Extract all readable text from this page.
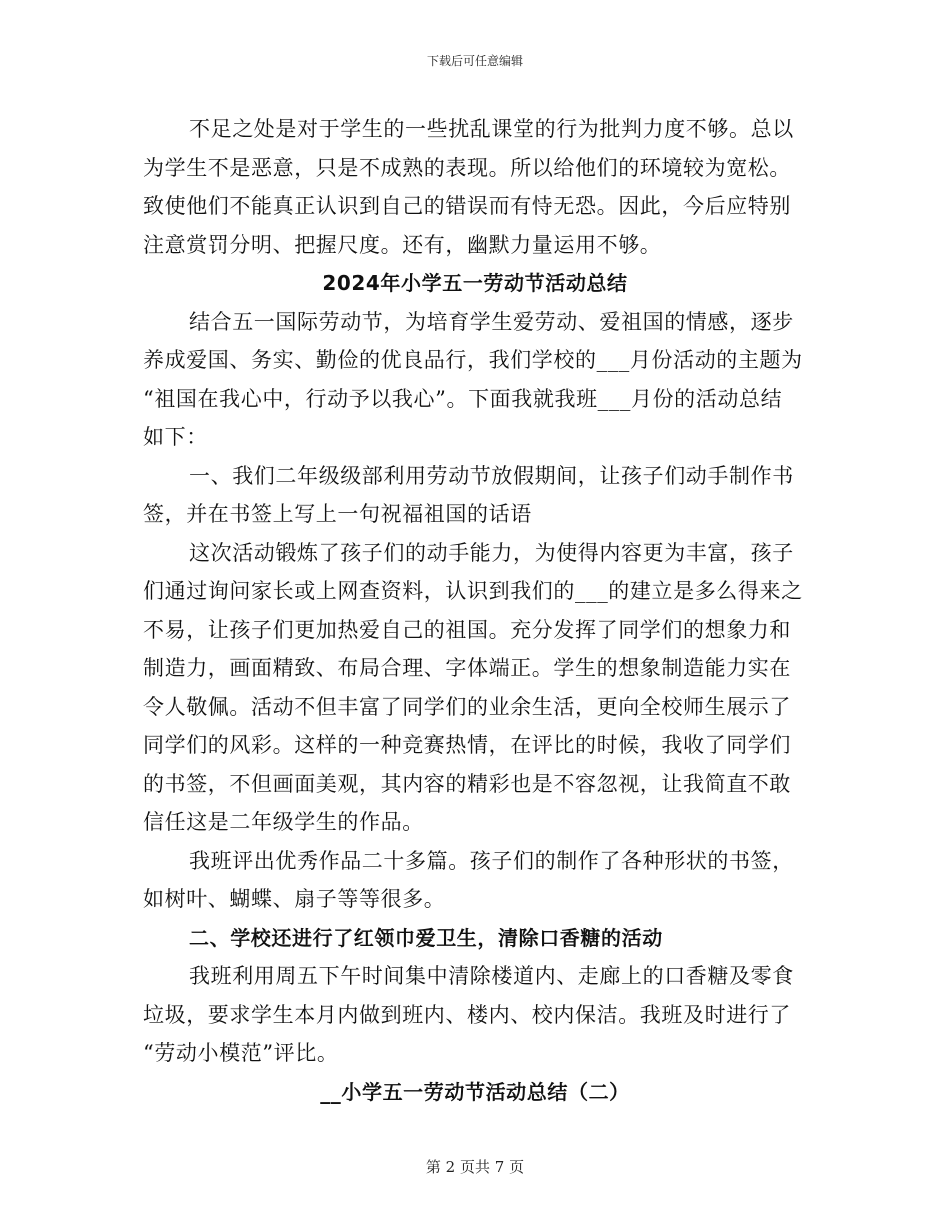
下载后可任意编辑
不足之处是对于学生的一些扰乱课堂的行为批判力度不够。总以
为学生不是恶意，只是不成熟的表现。所以给他们的环境较为宽松。
致使他们不能真正认识到自己的错误而有恃无恐。因此，今后应特别
注意赏罚分明、把握尺度。还有，幽默力量运用不够。
2024年小学五一劳动节活动总结
结合五一国际劳动节，为培育学生爱劳动、爱祖国的情感，逐步
养成爱国、务实、勤俭的优良品行，我们学校的___月份活动的主题为
“祖国在我心中，行动予以我心”。下面我就我班___月份的活动总结
如下：
一、我们二年级级部利用劳动节放假期间，让孩子们动手制作书
签，并在书签上写上一句祝福祖国的话语
这次活动锻炼了孩子们的动手能力，为使得内容更为丰富，孩子
们通过询问家长或上网查资料，认识到我们的___的建立是多么得来之
不易，让孩子们更加热爱自己的祖国。充分发挥了同学们的想象力和
制造力，画面精致、布局合理、字体端正。学生的想象制造能力实在
令人敬佩。活动不但丰富了同学们的业余生活，更向全校师生展示了
同学们的风彩。这样的一种竞赛热情，在评比的时候，我收了同学们
的书签，不但画面美观，其内容的精彩也是不容忽视，让我简直不敢
信任这是二年级学生的作品。
我班评出优秀作品二十多篇。孩子们的制作了各种形状的书签，
如树叶、蝴蝶、扇子等等很多。
二、学校还进行了红领巾爱卫生，清除口香糖的活动
我班利用周五下午时间集中清除楼道内、走廊上的口香糖及零食
垃圾，要求学生本月内做到班内、楼内、校内保洁。我班及时进行了
“劳动小模范”评比。
__小学五一劳动节活动总结（二）
第 2 页共 7 页
